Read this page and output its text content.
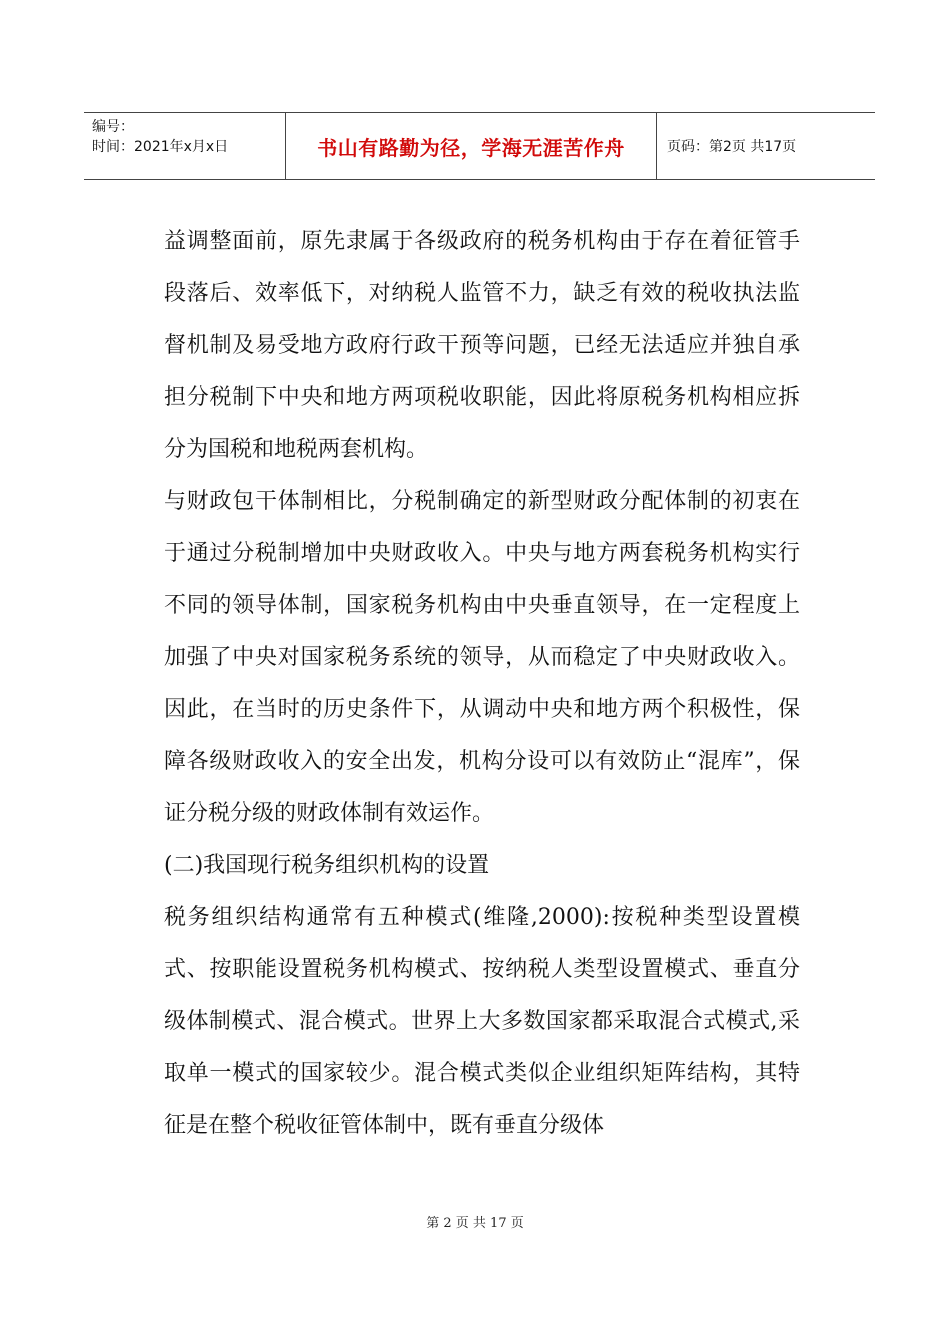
编号：
时间：2021年x月x日	书山有路勤为径，学海无涯苦作舟	页码：第2页 共17页

益调整面前，原先隶属于各级政府的税务机构由于存在着征管手段落后、效率低下，对纳税人监管不力，缺乏有效的税收执法监督机制及易受地方政府行政干预等问题，已经无法适应并独自承担分税制下中央和地方两项税收职能，因此将原税务机构相应拆分为国税和地税两套机构。

与财政包干体制相比，分税制确定的新型财政分配体制的初衷在于通过分税制增加中央财政收入。中央与地方两套税务机构实行不同的领导体制，国家税务机构由中央垂直领导，在一定程度上加强了中央对国家税务系统的领导，从而稳定了中央财政收入。因此，在当时的历史条件下，从调动中央和地方两个积极性，保障各级财政收入的安全出发，机构分设可以有效防止“混库”，保证分税分级的财政体制有效运作。

(二)我国现行税务组织机构的设置

税务组织结构通常有五种模式(维隆,2000):按税种类型设置模式、按职能设置税务机构模式、按纳税人类型设置模式、垂直分级体制模式、混合模式。世界上大多数国家都采取混合式模式,采取单一模式的国家较少。混合模式类似企业组织矩阵结构，其特征是在整个税收征管体制中，既有垂直分级体

第 2 页 共 17 页
